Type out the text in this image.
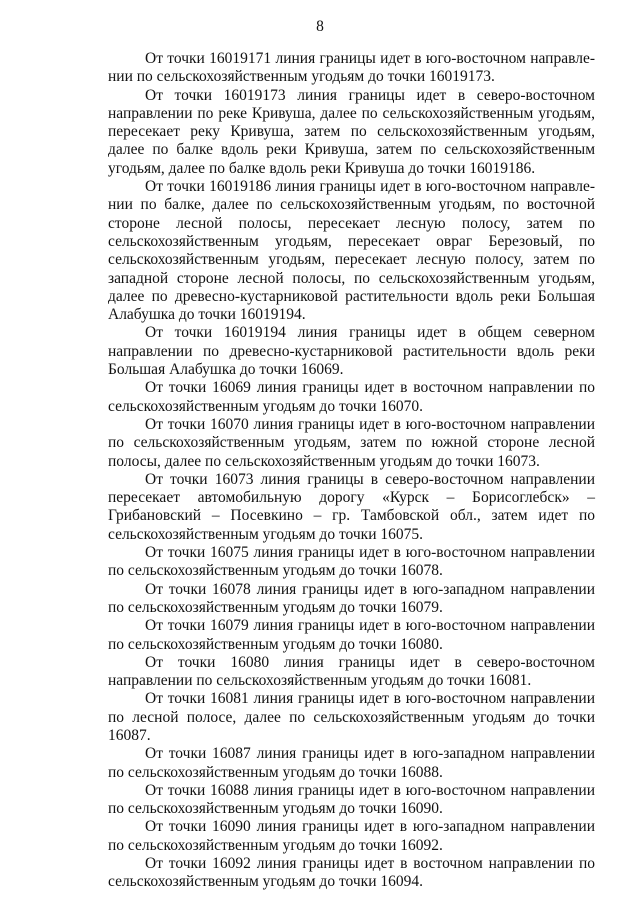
8

От точки 16019171 линия границы идет в юго-восточном направлении по сельскохозяйственным угодьям до точки 16019173.

От точки 16019173 линия границы идет в северо-восточном направлении по реке Кривуша, далее по сельскохозяйственным угодьям, пересекает реку Кривуша, затем по сельскохозяйственным угодьям, далее по балке вдоль реки Кривуша, затем по сельскохозяйственным угодьям, далее по балке вдоль реки Кривуша до точки 16019186.

От точки 16019186 линия границы идет в юго-восточном направлении по балке, далее по сельскохозяйственным угодьям, по восточной стороне лесной полосы, пересекает лесную полосу, затем по сельскохозяйственным угодьям, пересекает овраг Березовый, по сельскохозяйственным угодьям, пересекает лесную полосу, затем по западной стороне лесной полосы, по сельскохозяйственным угодьям, далее по древесно-кустарниковой растительности вдоль реки Большая Алабушка до точки 16019194.

От точки 16019194 линия границы идет в общем северном направлении по древесно-кустарниковой растительности вдоль реки Большая Алабушка до точки 16069.

От точки 16069 линия границы идет в восточном направлении по сельскохозяйственным угодьям до точки 16070.

От точки 16070 линия границы идет в юго-восточном направлении по сельскохозяйственным угодьям, затем по южной стороне лесной полосы, далее по сельскохозяйственным угодьям до точки 16073.

От точки 16073 линия границы в северо-восточном направлении пересекает автомобильную дорогу «Курск – Борисоглебск» – Грибановский – Посевкино – гр. Тамбовской обл., затем идет по сельскохозяйственным угодьям до точки 16075.

От точки 16075 линия границы идет в юго-восточном направлении по сельскохозяйственным угодьям до точки 16078.

От точки 16078 линия границы идет в юго-западном направлении по сельскохозяйственным угодьям до точки 16079.

От точки 16079 линия границы идет в юго-восточном направлении по сельскохозяйственным угодьям до точки 16080.

От точки 16080 линия границы идет в северо-восточном направлении по сельскохозяйственным угодьям до точки 16081.

От точки 16081 линия границы идет в юго-восточном направлении по лесной полосе, далее по сельскохозяйственным угодьям до точки 16087.

От точки 16087 линия границы идет в юго-западном направлении по сельскохозяйственным угодьям до точки 16088.

От точки 16088 линия границы идет в юго-восточном направлении по сельскохозяйственным угодьям до точки 16090.

От точки 16090 линия границы идет в юго-западном направлении по сельскохозяйственным угодьям до точки 16092.

От точки 16092 линия границы идет в восточном направлении по сельскохозяйственным угодьям до точки 16094.
